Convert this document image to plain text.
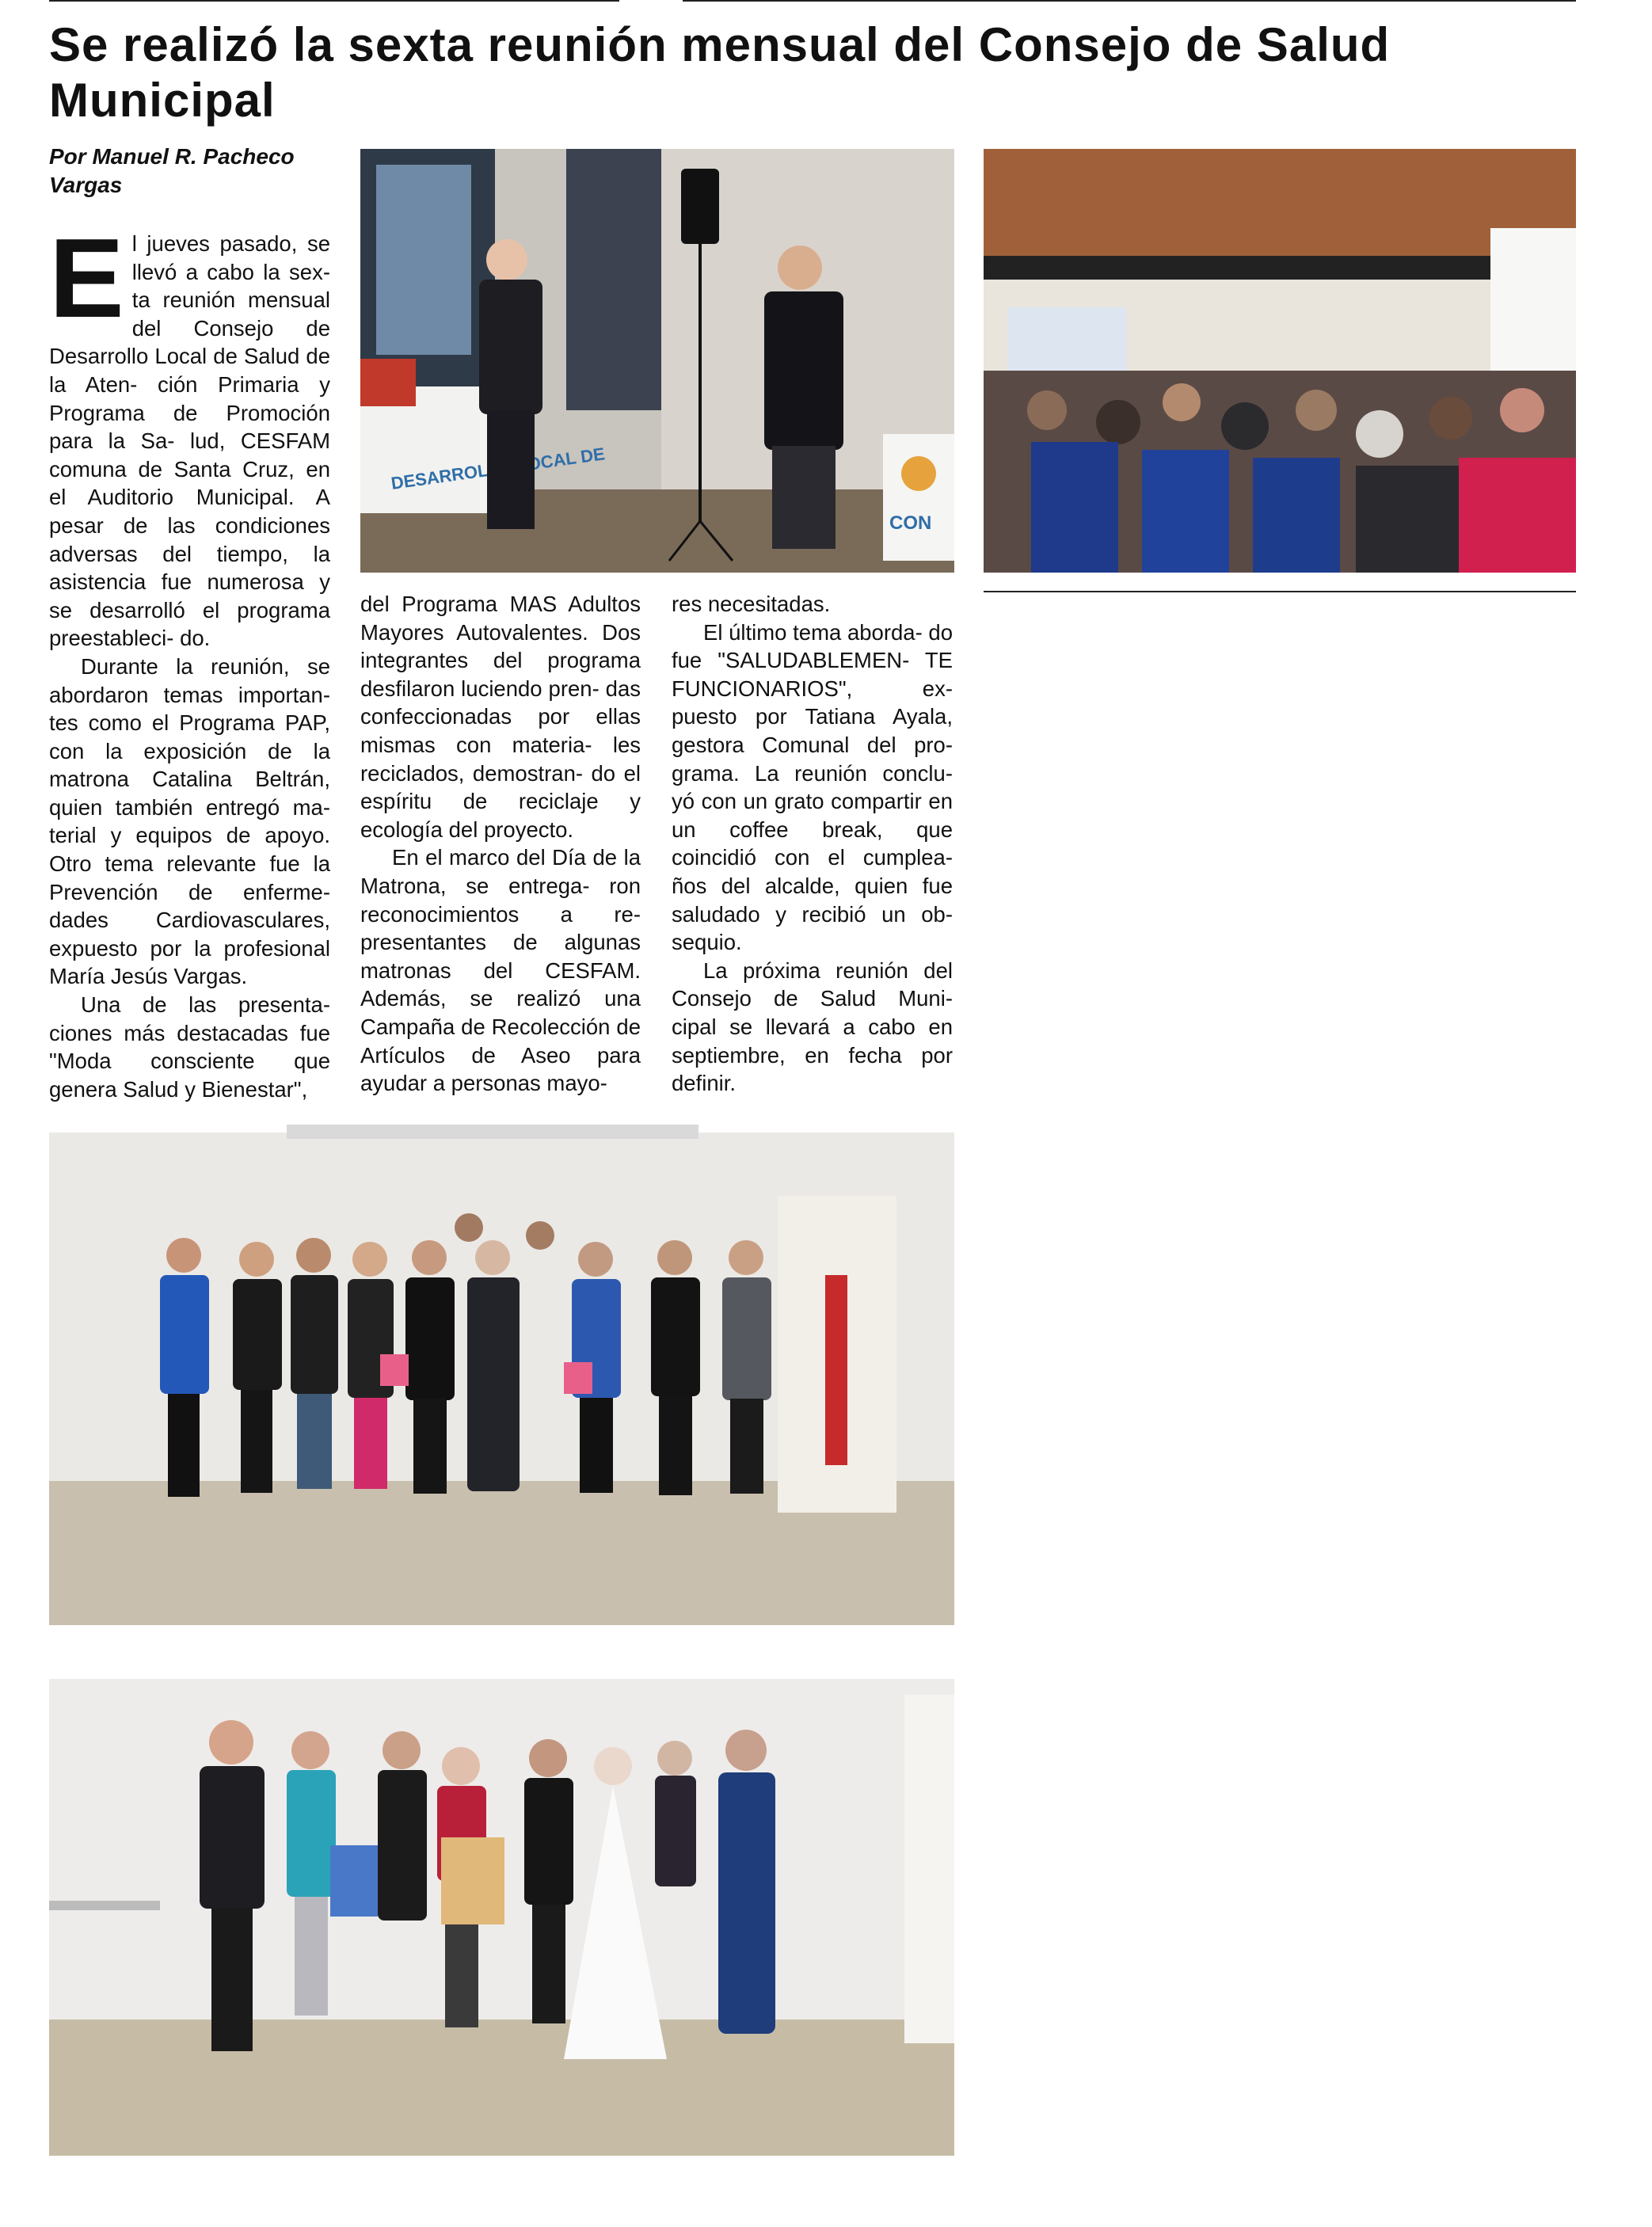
Se realizó la sexta reunión mensual del Consejo de Salud Municipal
Por Manuel R. Pacheco Vargas
E l jueves pasado, se llevó a cabo la sex- ta reunión mensual del Consejo de Desarrollo Local de Salud de la Aten- ción Primaria y Programa de Promoción para la Sa- lud, CESFAM comuna de Santa Cruz, en el Auditorio Municipal. A pesar de las condiciones adversas del tiempo, la asistencia fue numerosa y se desarrolló el programa preestableci- do.

Durante la reunión, se abordaron temas importan- tes como el Programa PAP, con la exposición de la matrona Catalina Beltrán, quien también entregó ma- terial y equipos de apoyo. Otro tema relevante fue la Prevención de enferme- dades Cardiovasculares, expuesto por la profesional María Jesús Vargas.

Una de las presenta- ciones más destacadas fue "Moda consciente que genera Salud y Bienestar",

del Programa MAS Adultos Mayores Autovalentes. Dos integrantes del programa desfilaron luciendo pren- das confeccionadas por ellas mismas con materia- les reciclados, demostran- do el espíritu de reciclaje y ecología del proyecto.

En el marco del Día de la Matrona, se entrega- ron reconocimientos a re- presentantes de algunas matronas del CESFAM. Además, se realizó una Campaña de Recolección de Artículos de Aseo para ayudar a personas mayo-

res necesitadas.

El último tema aborda- do fue "SALUDABLEMEN- TE FUNCIONARIOS", ex- puesto por Tatiana Ayala, gestora Comunal del pro- grama. La reunión conclu- yó con un grato compartir en un coffee break, que coincidió con el cumplea- ños del alcalde, quien fue saludado y recibió un ob- sequio.

La próxima reunión del Consejo de Salud Muni- cipal se llevará a cabo en septiembre, en fecha por definir.

DESARROLLO LOCAL DE
CON
